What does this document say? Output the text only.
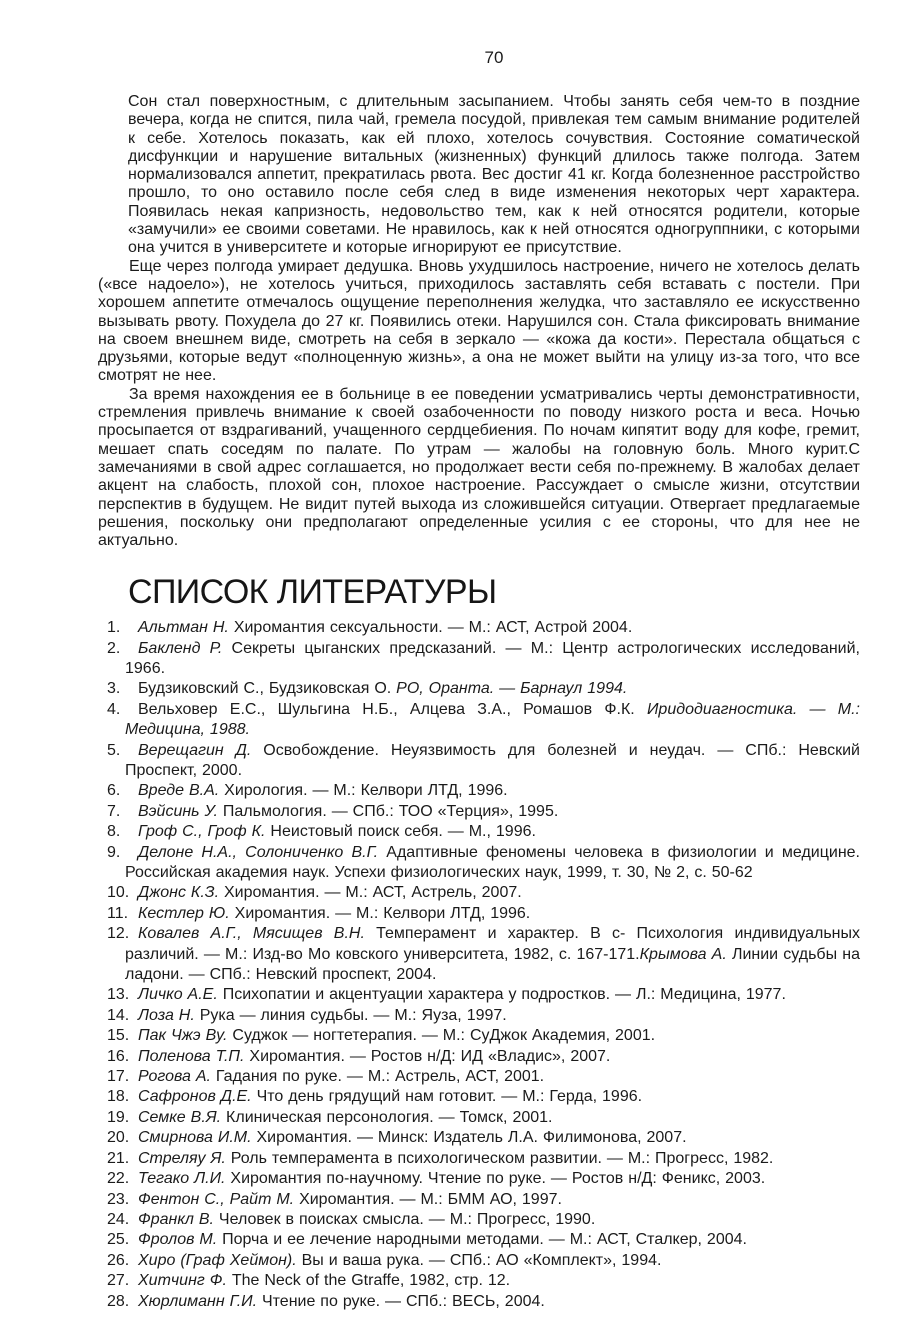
70

Сон стал поверхностным, с длительным засыпанием. Чтобы занять себя чем-то в поздние вечера, когда не спится, пила чай, гремела посудой, привлекая тем самым внимание родителей к себе. Хотелось показать, как ей плохо, хотелось сочувствия. Состояние соматической дисфункции и нарушение витальных (жизненных) функций длилось также полгода. Затем нормализовался аппетит, прекратилась рвота. Вес достиг 41 кг. Когда болезненное расстройство прошло, то оно оставило после себя след в виде изменения некоторых черт характера. Появилась некая капризность, недовольство тем, как к ней относятся родители, которые «замучили» ее своими советами. Не нравилось, как к ней относятся одногруппники, с которыми она учится в университете и которые игнорируют ее присутствие.

Еще через полгода умирает дедушка. Вновь ухудшилось настроение, ничего не хотелось делать («все надоело»), не хотелось учиться, приходилось заставлять себя вставать с постели. При хорошем аппетите отмечалось ощущение переполнения желудка, что заставляло ее искусственно вызывать рвоту. Похудела до 27 кг. Появились отеки. Нарушился сон. Стала фиксировать внимание на своем внешнем виде, смотреть на себя в зеркало — «кожа да кости». Перестала общаться с друзьями, которые ведут «полноценную жизнь», а она не может выйти на улицу из-за того, что все смотрят не нее.

За время нахождения ее в больнице в ее поведении усматривались черты демонстративности, стремления привлечь внимание к своей озабоченности по поводу низкого роста и веса. Ночью просыпается от вздрагиваний, учащенного сердцебиения. По ночам кипятит воду для кофе, гремит, мешает спать соседям по палате. По утрам — жалобы на головную боль. Много курит.С замечаниями в свой адрес соглашается, но продолжает вести себя по-прежнему. В жалобах делает акцент на слабость, плохой сон, плохое настроение. Рассуждает о смысле жизни, отсутствии перспектив в будущем. Не видит путей выхода из сложившейся ситуации. Отвергает предлагаемые решения, поскольку они предполагают определенные усилия с ее стороны, что для нее не актуально.

СПИСОК ЛИТЕРАТУРЫ
1. Альтман Н. Хиромантия сексуальности. — М.: АСТ, Астрой 2004.
2. Бакленд Р. Секреты цыганских предсказаний. — М.: Центр астрологических исследований, 1966.
3. Будзиковский С., Будзиковская О. РО, Оранта. — Барнаул 1994.
4. Вельховер Е.С., Шульгина Н.Б., Алцева З.А., Ромашов Ф.К. Иридодиагностика. — М.: Медицина, 1988.
5. Верещагин Д. Освобождение. Неуязвимость для болезней и неудач. — СПб.: Невский Проспект, 2000.
6. Вреде В.А. Хирология. — М.: Келвори ЛТД, 1996.
7. Вэйсинь У. Пальмология. — СПб.: ТОО «Терция», 1995.
8. Гроф С., Гроф К. Неистовый поиск себя. — М., 1996.
9. Делоне Н.А., Солониченко В.Г. Адаптивные феномены человека в физиологии и медицине. Российская академия наук. Успехи физиологических наук, 1999, т. 30, № 2, с. 50-62
10. Джонс К.З. Хиромантия. — М.: АСТ, Астрель, 2007.
11. Кестлер Ю. Хиромантия. — М.: Келвори ЛТД, 1996.
12. Ковалев А.Г., Мясищев В.Н. Темперамент и характер. В с- Психология индивидуальных различий. — М.: Изд-во Мо ковского университета, 1982, с. 167-171.Крымова А. Линии судьбы на ладони. — СПб.: Невский проспект, 2004.
13. Личко А.Е. Психопатии и акцентуации характера у подростков. — Л.: Медицина, 1977.
14. Лоза Н. Рука — линия судьбы. — М.: Яуза, 1997.
15. Пак Чжэ Ву. Суджок — ногтетерапия. — М.: СуДжок Академия, 2001.
16. Поленова Т.П. Хиромантия. — Ростов н/Д: ИД «Владис», 2007.
17. Рогова А. Гадания по руке. — М.: Астрель, АСТ, 2001.
18. Сафронов Д.Е. Что день грядущий нам готовит. — М.: Герда, 1996.
19. Семке В.Я. Клиническая персонология. — Томск, 2001.
20. Смирнова И.М. Хиромантия. — Минск: Издатель Л.А. Филимонова, 2007.
21. Стреляу Я. Роль темперамента в психологическом развитии. — М.: Прогресс, 1982.
22. Тегако Л.И. Хиромантия по-научному. Чтение по руке. — Ростов н/Д: Феникс, 2003.
23. Фентон С., Райт М. Хиромантия. — М.: БММ АО, 1997.
24. Франкл В. Человек в поисках смысла. — М.: Прогресс, 1990.
25. Фролов М. Порча и ее лечение народными методами. — М.: АСТ, Сталкер, 2004.
26. Хиро (Граф Хеймон). Вы и ваша рука. — СПб.: АО «Комплект», 1994.
27. Хитчинг Ф. The Neck of the Gtraffe, 1982, стр. 12.
28. Хюрлиманн Г.И. Чтение по руке. — СПб.: ВЕСЬ, 2004.
